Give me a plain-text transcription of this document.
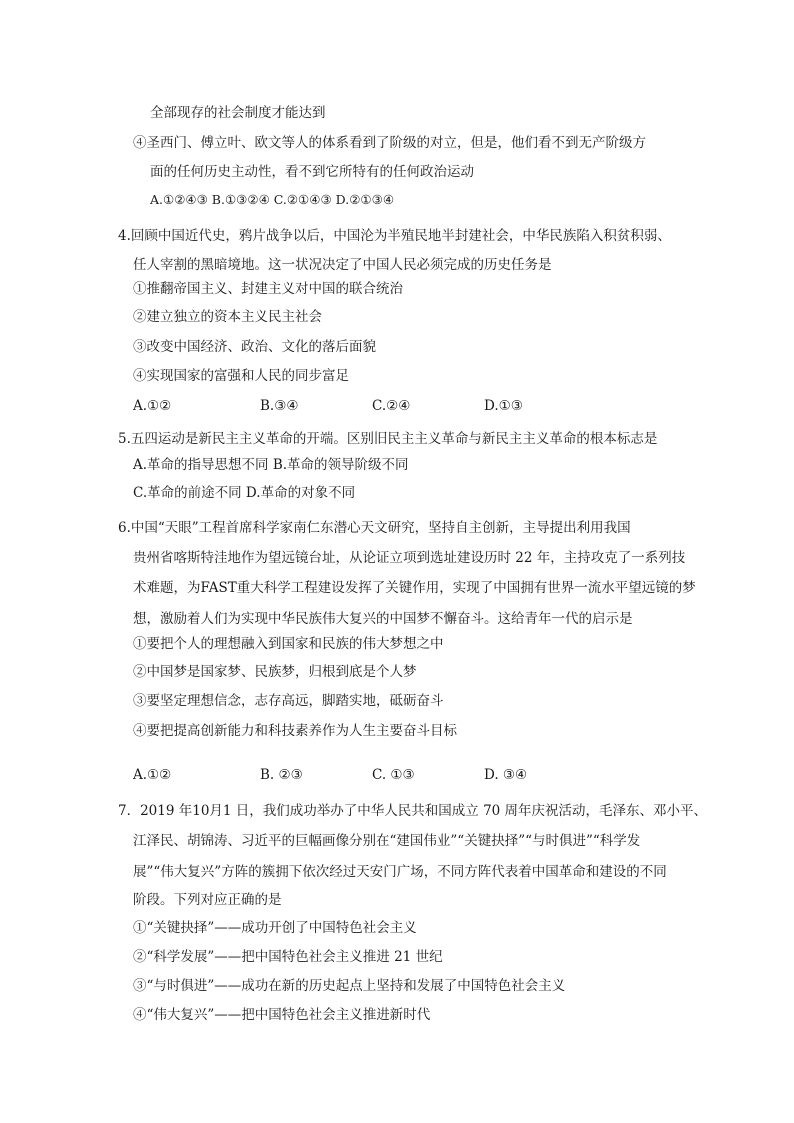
全部现存的社会制度才能达到
④圣西门、傅立叶、欧文等人的体系看到了阶级的对立，但是，他们看不到无产阶级方
面的任何历史主动性，看不到它所特有的任何政治运动
A.①②④③ B.①③②④ C.②①④③ D.②①③④
4.回顾中国近代史，鸦片战争以后，中国沦为半殖民地半封建社会，中华民族陷入积贫积弱、
任人宰割的黑暗境地。这一状况决定了中国人民必须完成的历史任务是
①推翻帝国主义、封建主义对中国的联合统治
②建立独立的资本主义民主社会
③改变中国经济、政治、文化的落后面貌
④实现国家的富强和人民的同步富足
A.①②	B.③④	C.②④	D.①③
5.五四运动是新民主主义革命的开端。区别旧民主主义革命与新民主主义革命的根本标志是
A.革命的指导思想不同 B.革命的领导阶级不同
C.革命的前途不同 D.革命的对象不同
6.中国“天眼”工程首席科学家南仁东潜心天文研究，坚持自主创新，主导提出利用我国
贵州省喀斯特洼地作为望远镜台址，从论证立项到选址建设历时 22 年，主持攻克了一系列技
术难题，为FAST重大科学工程建设发挥了关键作用，实现了中国拥有世界一流水平望远镜的梦
想，激励着人们为实现中华民族伟大复兴的中国梦不懈奋斗。这给青年一代的启示是
①要把个人的理想融入到国家和民族的伟大梦想之中
②中国梦是国家梦、民族梦，归根到底是个人梦
③要坚定理想信念，志存高远，脚踏实地，砥砺奋斗
④要把提高创新能力和科技素养作为人生主要奋斗目标
A.①②	B. ②③	C. ①③	D. ③④
7．2019 年10月1 日，我们成功举办了中华人民共和国成立 70 周年庆祝活动，毛泽东、邓小平、
江泽民、胡锦涛、习近平的巨幅画像分别在“建国伟业”“关键抉择”“与时俱进”“科学发
展”“伟大复兴”方阵的簇拥下依次经过天安门广场，不同方阵代表着中国革命和建设的不同
阶段。下列对应正确的是
①“关键抉择”——成功开创了中国特色社会主义
②“科学发展”——把中国特色社会主义推进 21 世纪
③“与时俱进”——成功在新的历史起点上坚持和发展了中国特色社会主义
④“伟大复兴”——把中国特色社会主义推进新时代
